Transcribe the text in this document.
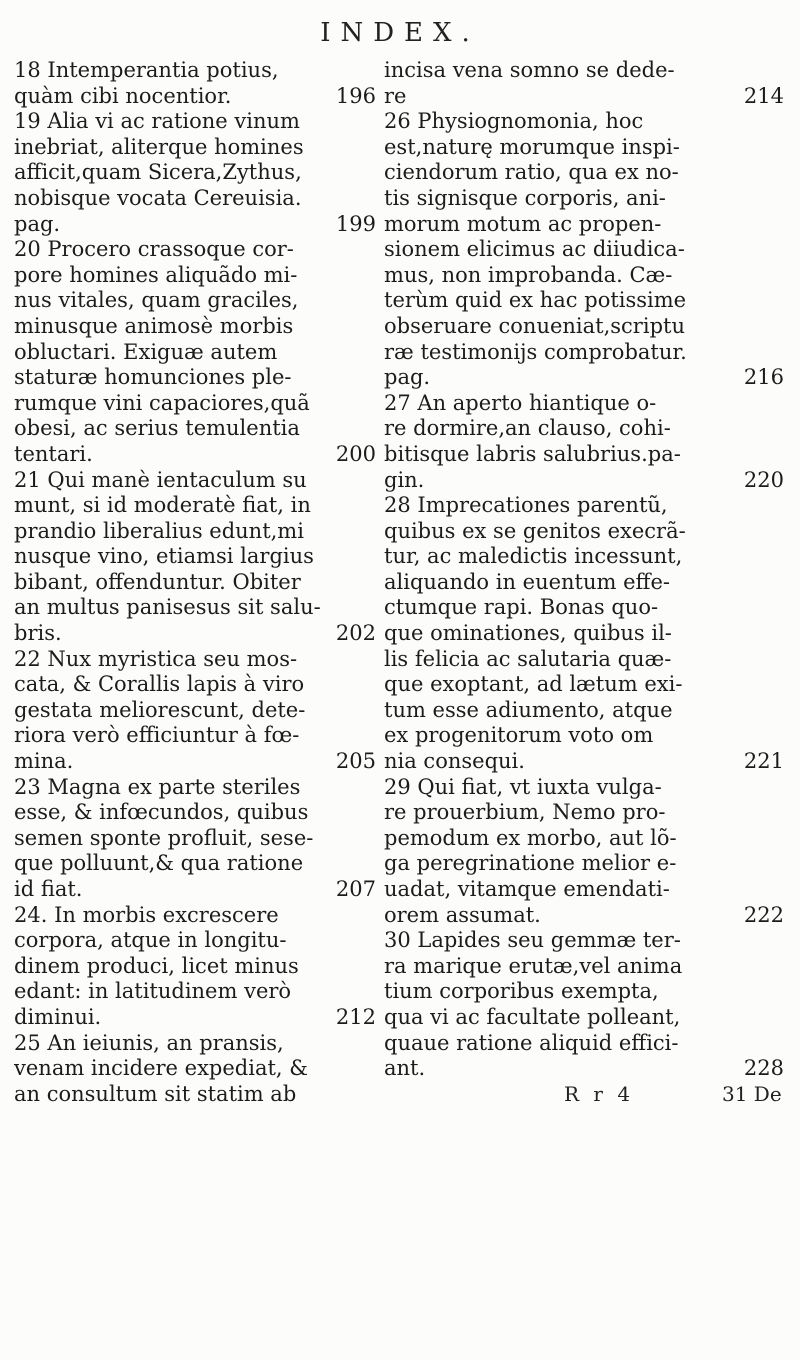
INDEX.
18 Intemperantia potius,
quàm cibi nocentior.	196
19 Alia vi ac ratione vinum
inebriat, aliterque homines
afficit,quam Sicera,Zythus,
nobisque vocata Cereuisia.
pag.	199
20 Procero crassoque cor-
pore homines aliquãdo mi-
nus vitales, quam graciles,
minusque animosè morbis
obluctari. Exiguæ autem
staturæ homunciones ple-
rumque vini capaciores,quã
obesi, ac serius temulentia
tentari.	200
21 Qui manè ientaculum su
munt, si id moderatè fiat, in
prandio liberalius edunt,mi
nusque vino, etiamsi largius
bibant, offenduntur. Obiter
an multus panisesus sit salu-
bris.	202
22 Nux myristica seu mos-
cata, & Corallis lapis à viro
gestata meliorescunt, dete-
riora verò efficiuntur à fœ-
mina.	205
23 Magna ex parte steriles
esse, & infœcundos, quibus
semen sponte profluit, sese-
que polluunt,& qua ratione
id fiat.	207
24. In morbis excrescere
corpora, atque in longitu-
dinem produci, licet minus
edant: in latitudinem verò
diminui.	212
25 An ieiunis, an pransis,
venam incidere expediat, &
an consultum sit statim ab
incisa vena somno se dede-
re	214
26 Physiognomonia, hoc
est,naturę morumque inspi-
ciendorum ratio, qua ex no-
tis signisque corporis, ani-
morum motum ac propen-
sionem elicimus ac diiudica-
mus, non improbanda. Cæ-
terùm quid ex hac potissime
obseruare conueniat,scriptu
ræ testimonijs comprobatur.
pag.	216
27 An aperto hiantique o-
re dormire,an clauso, cohi-
bitisque labris salubrius.pa-
gin.	220
28 Imprecationes parentũ,
quibus ex se genitos execrã-
tur, ac maledictis incessunt,
aliquando in euentum effe-
ctumque rapi. Bonas quo-
que ominationes, quibus il-
lis felicia ac salutaria quæ-
que exoptant, ad lætum exi-
tum esse adiumento, atque
ex progenitorum voto om
nia consequi.	221
29 Qui fiat, vt iuxta vulga-
re prouerbium, Nemo pro-
pemodum ex morbo, aut lõ-
ga peregrinatione melior e-
uadat, vitamque emendati-
orem assumat.	222
30 Lapides seu gemmæ ter-
ra marique erutæ,vel anima
tium corporibus exempta,
qua vi ac facultate polleant,
quaue ratione aliquid effici-
ant.	228
R r 4	31 De
